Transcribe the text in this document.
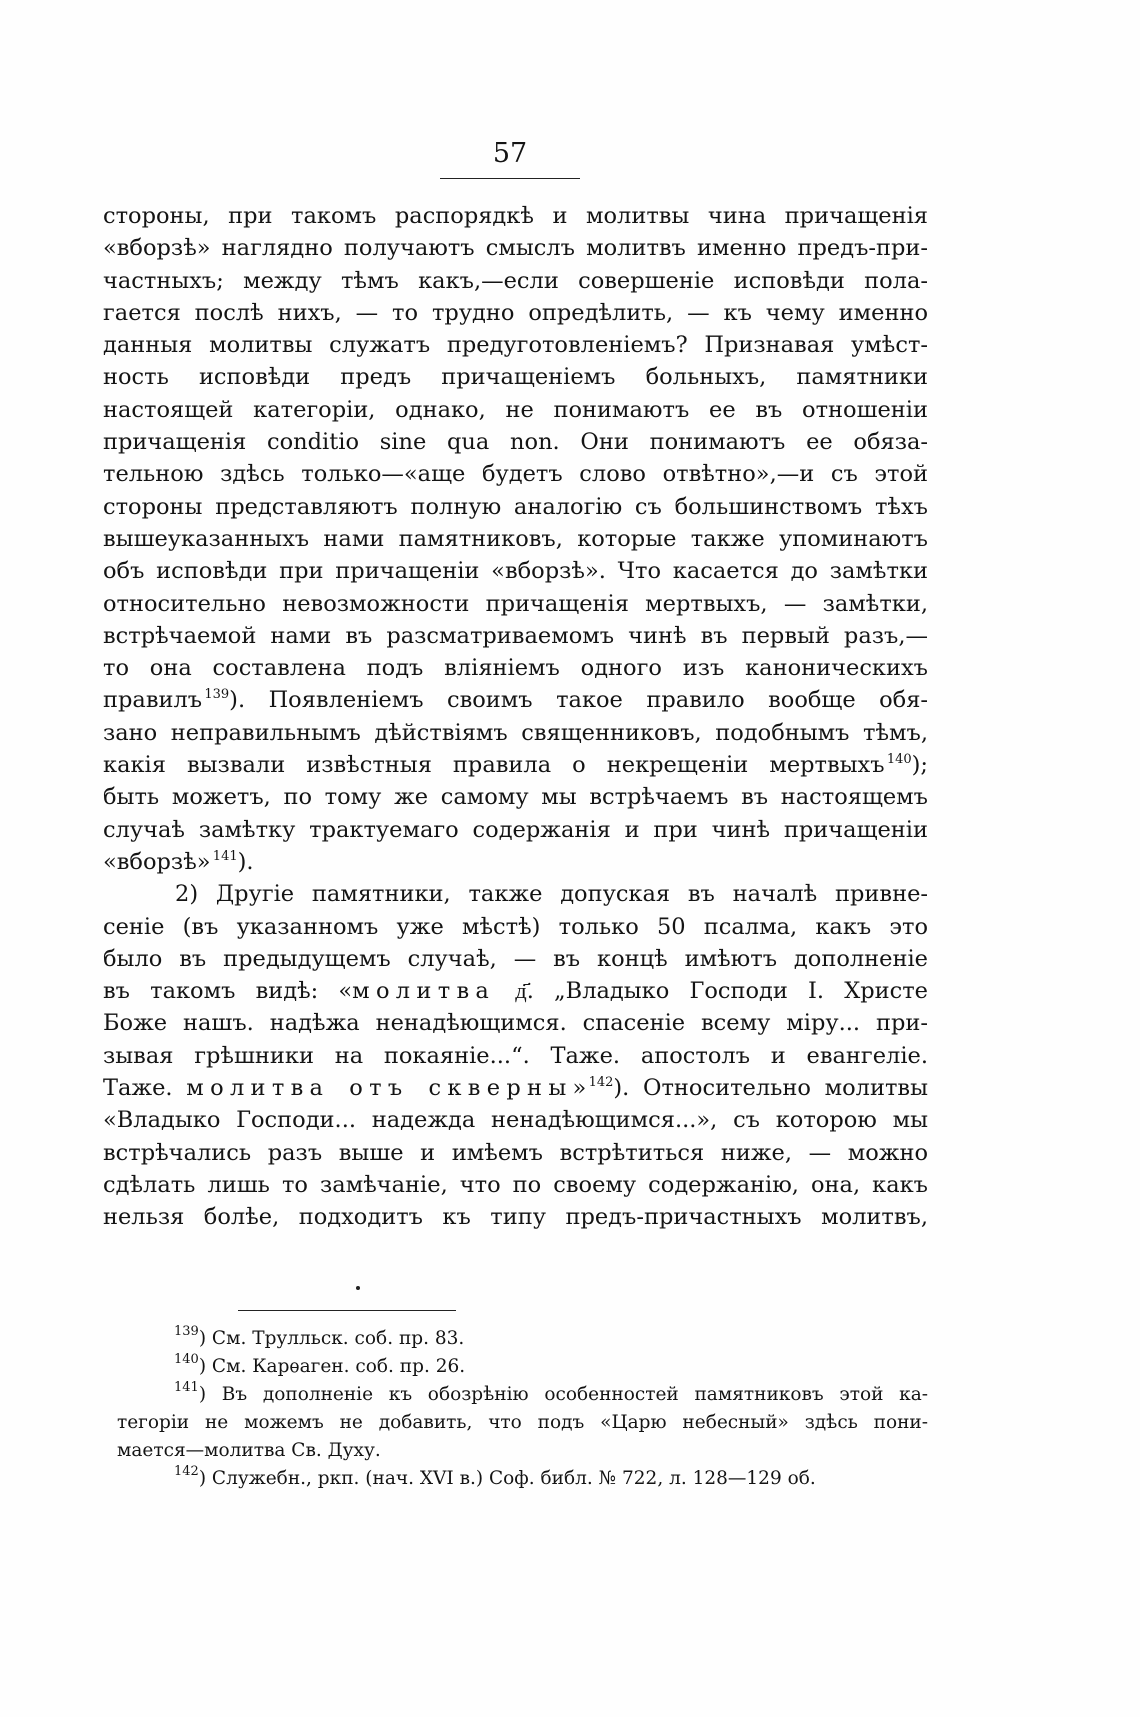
57
стороны, при такомъ распорядкѣ и молитвы чина причащенія
«вборзѣ» наглядно получаютъ смыслъ молитвъ именно предъ-при-
частныхъ; между тѣмъ какъ,—если совершеніе исповѣди пола-
гается послѣ нихъ, — то трудно опредѣлить, — къ чему именно
данныя молитвы служатъ предуготовленіемъ? Признавая умѣст-
ность исповѣди предъ причащеніемъ больныхъ, памятники
настоящей категоріи, однако, не понимаютъ ее въ отношеніи
причащенія conditio sine qua non. Они понимаютъ ее обяза-
тельною здѣсь только—«аще будетъ слово отвѣтно»,—и съ этой
стороны представляютъ полную аналогію съ большинствомъ тѣхъ
вышеуказанныхъ нами памятниковъ, которые также упоминаютъ
объ исповѣди при причащеніи «вборзѣ». Что касается до замѣтки
относительно невозможности причащенія мертвыхъ, — замѣтки,
встрѣчаемой нами въ разсматриваемомъ чинѣ въ первый разъ,—
то она составлена подъ вліяніемъ одного изъ каноническихъ
правилъ  $^{139}$). Появленіемъ своимъ такое правило вообще обя-
зано неправильнымъ дѣйствіямъ священниковъ, подобнымъ тѣмъ,
какія вызвали извѣстныя правила о некрещеніи мертвыхъ  $^{140}$);
быть можетъ, по тому же самому мы встрѣчаемъ въ настоящемъ
случаѣ замѣтку трактуемаго содержанія и при чинѣ причащеніи
«вборзѣ»  $^{141}$).
2) Другіе памятники, также допуская въ началѣ привне-
сеніе (въ указанномъ уже мѣстѣ) только 50 псалма, какъ это
было въ предыдущемъ случаѣ, — въ концѣ имѣютъ дополненіе
въ такомъ видѣ: «молитва д҃. „Владыко Господи І. Христе
Боже нашъ. надѣжа ненадѣющимся. спасеніе всему міру... при-
зывая грѣшники на покаяніе...“. Таже. апостолъ и евангеліе.
Таже. молитва отъ скверны»  $^{142}$). Относительно молитвы
«Владыко Господи... надежда ненадѣющимся...», съ которою мы
встрѣчались разъ выше и имѣемъ встрѣтиться ниже, — можно
сдѣлать лишь то замѣчаніе, что по своему содержанію, она, какъ
нельзя болѣе, подходитъ къ типу предъ-причастныхъ молитвъ,
$^{139}$) См. Трулльск. соб. пр. 83.
$^{140}$) См. Карѳаген. соб. пр. 26.
$^{141}$) Въ дополненіе къ обозрѣнію особенностей памятниковъ этой ка-
тегоріи не можемъ не добавить, что подъ «Царю небесный» здѣсь пони-
мается—молитва Св. Духу.
$^{142}$) Служебн., ркп. (нач. XVI в.) Соф. библ. № 722, л. 128—129 об.
